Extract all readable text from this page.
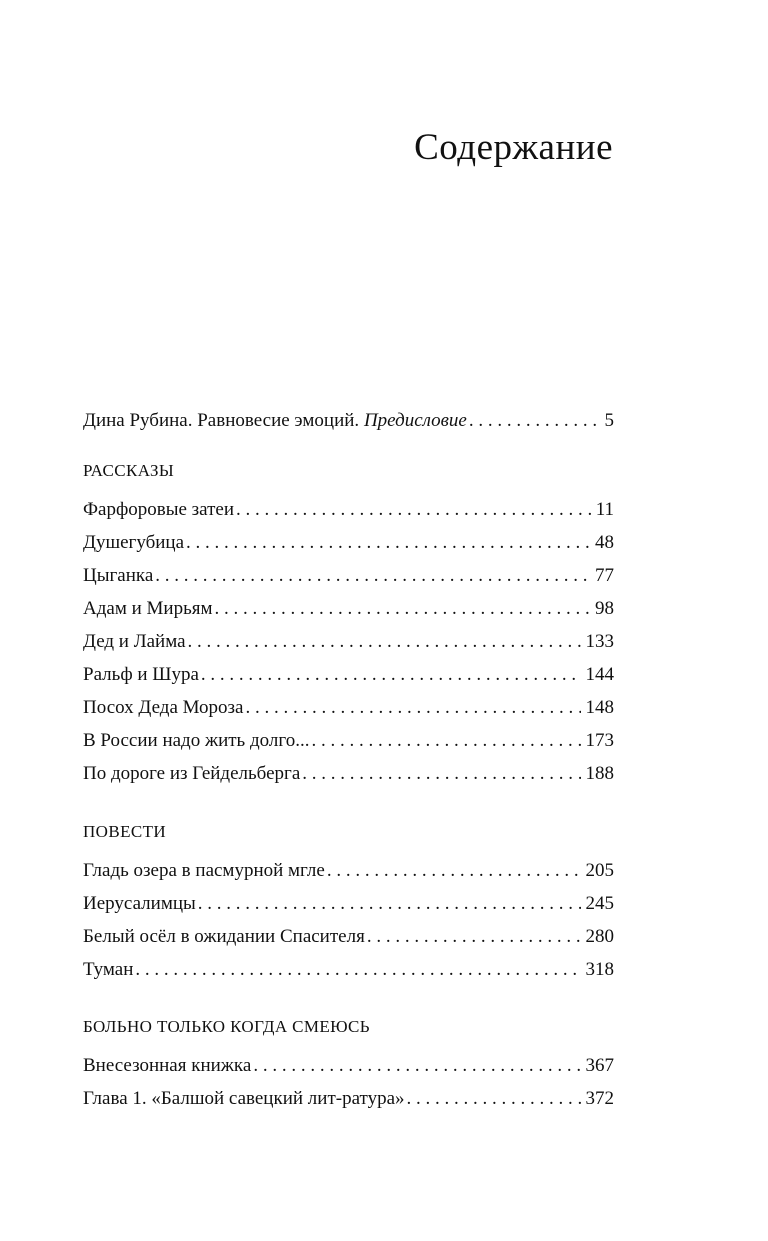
Содержание
Дина Рубина. Равновесие эмоций. Предисловие . . .	5
РАССКАЗЫ
Фарфоровые затеи . . .	11
Душегубица . . .	48
Цыганка . . .	77
Адам и Мирьям . . .	98
Дед и Лайма . . .	133
Ральф и Шура . . .	144
Посох Деда Мороза . . .	148
В России надо жить долго... . . .	173
По дороге из Гейдельберга . . .	188
ПОВЕСТИ
Гладь озера в пасмурной мгле . . .	205
Иерусалимцы . . .	245
Белый осёл в ожидании Спасителя . . .	280
Туман . . .	318
БОЛЬНО ТОЛЬКО КОГДА СМЕЮСЬ
Внесезонная книжка . . .	367
Глава 1. «Балшой савецкий лит-ратура» . . .	372
